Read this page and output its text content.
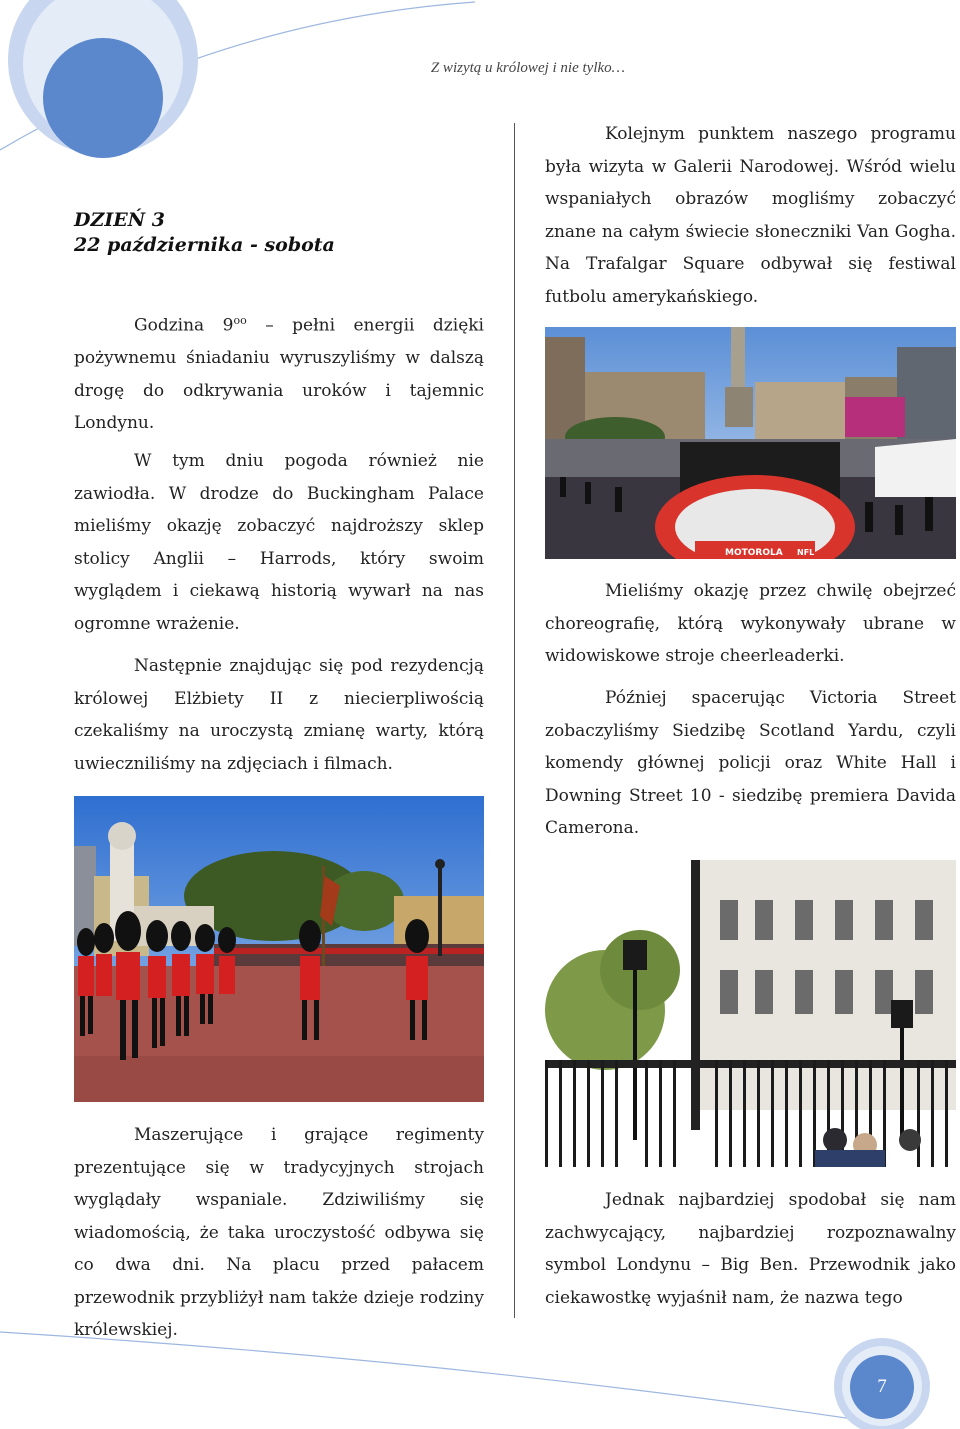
Z wizytą u królowej i nie tylko…
DZIEŃ 3
22 października - sobota

Godzina $9^{oo}$ – pełni energii dzięki pożywnemu śniadaniu wyruszyliśmy w dalszą drogę do odkrywania uroków i tajemnic Londynu.

W tym dniu pogoda również nie zawiodła. W drodze do Buckingham Palace mieliśmy okazję zobaczyć najdroższy sklep stolicy Anglii – Harrods, który swoim wyglądem i ciekawą historią wywarł na nas ogromne wrażenie.

Następnie znajdując się pod rezydencją królowej Elżbiety II z niecierpliwością czekaliśmy na uroczystą zmianę warty, którą uwieczniliśmy na zdjęciach i filmach.

Maszerujące i grające regimenty prezentujące się w tradycyjnych strojach wyglądały wspaniale. Zdziwiliśmy się wiadomością, że taka uroczystość odbywa się co dwa dni. Na placu przed pałacem przewodnik przybliżył nam także dzieje rodziny królewskiej.

Kolejnym punktem naszego programu była wizyta w Galerii Narodowej. Wśród wielu wspaniałych obrazów mogliśmy zobaczyć znane na całym świecie słoneczniki Van Gogha. Na Trafalgar Square odbywał się festiwal futbolu amerykańskiego.

MOTOROLA NFL

Mieliśmy okazję przez chwilę obejrzeć choreografię, którą wykonywały ubrane w widowiskowe stroje cheerleaderki.

Później spacerując Victoria Street zobaczyliśmy Siedzibę Scotland Yardu, czyli komendy głównej policji oraz White Hall i Downing Street 10 - siedzibę premiera Davida Camerona.

Jednak najbardziej spodobał się nam zachwycający, najbardziej rozpoznawalny symbol Londynu – Big Ben. Przewodnik jako ciekawostkę wyjaśnił nam, że nazwa tego

7
